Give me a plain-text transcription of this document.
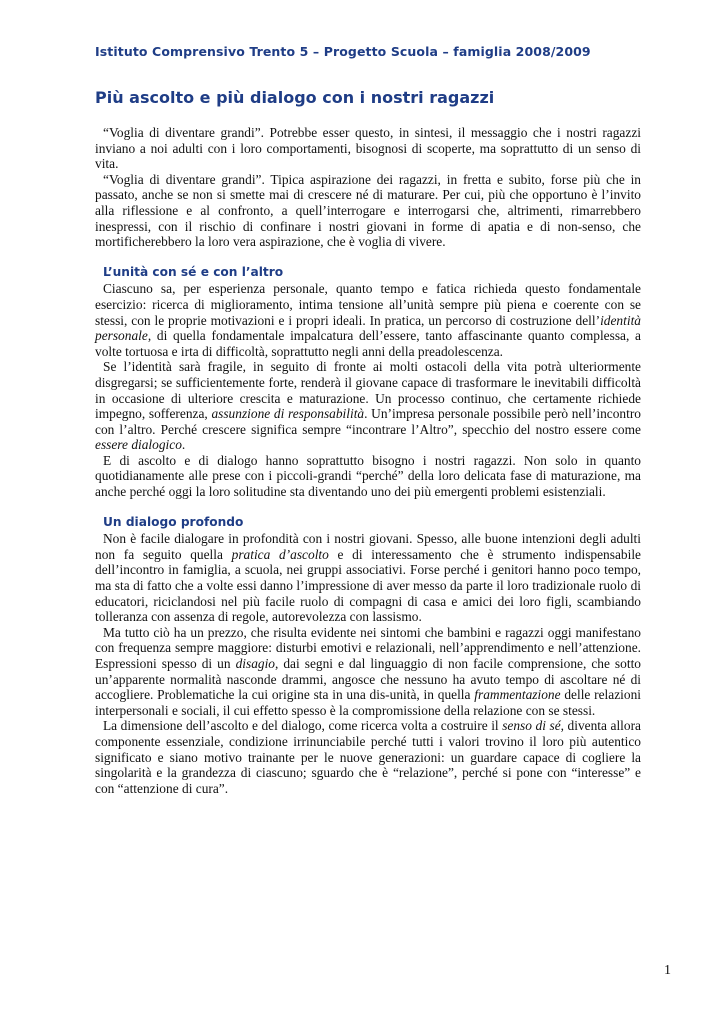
Istituto Comprensivo Trento 5 – Progetto Scuola – famiglia 2008/2009
Più ascolto e più dialogo con i nostri ragazzi

“Voglia di diventare grandi”. Potrebbe esser questo, in sintesi, il messaggio che i nostri ragazzi inviano a noi adulti con i loro comportamenti, bisognosi di scoperte, ma soprattutto di un senso di vita.

“Voglia di diventare grandi”. Tipica aspirazione dei ragazzi, in fretta e subito, forse più che in passato, anche se non si smette mai di crescere né di maturare. Per cui, più che opportuno è l’invito alla riflessione e al confronto, a quell’interrogare e interrogarsi che, altrimenti, rimarrebbero inespressi, con il rischio di confinare i nostri giovani in forme di apatia e di non-senso, che mortificherebbero la loro vera aspirazione, che è voglia di vivere.

L’unità con sé e con l’altro

Ciascuno sa, per esperienza personale, quanto tempo e fatica richieda questo fondamentale esercizio: ricerca di miglioramento, intima tensione all’unità sempre più piena e coerente con se stessi, con le proprie motivazioni e i propri ideali. In pratica, un percorso di costruzione dell’identità personale, di quella fondamentale impalcatura dell’essere, tanto affascinante quanto complessa, a volte tortuosa e irta di difficoltà, soprattutto negli anni della preadolescenza.

Se l’identità sarà fragile, in seguito di fronte ai molti ostacoli della vita potrà ulteriormente disgregarsi; se sufficientemente forte, renderà il giovane capace di trasformare le inevitabili difficoltà in occasione di ulteriore crescita e maturazione. Un processo continuo, che certamente richiede impegno, sofferenza, assunzione di responsabilità. Un’impresa personale possibile però nell’incontro con l’altro. Perché crescere significa sempre “incontrare l’Altro”, specchio del nostro essere come essere dialogico.

E di ascolto e di dialogo hanno soprattutto bisogno i nostri ragazzi. Non solo in quanto quotidianamente alle prese con i piccoli-grandi “perché” della loro delicata fase di maturazione, ma anche perché oggi la loro solitudine sta diventando uno dei più emergenti problemi esistenziali.

Un dialogo profondo

Non è facile dialogare in profondità con i nostri giovani. Spesso, alle buone intenzioni degli adulti non fa seguito quella pratica d’ascolto e di interessamento che è strumento indispensabile dell’incontro in famiglia, a scuola, nei gruppi associativi. Forse perché i genitori hanno poco tempo, ma sta di fatto che a volte essi danno l’impressione di aver messo da parte il loro tradizionale ruolo di educatori, riciclandosi nel più facile ruolo di compagni di casa e amici dei loro figli, scambiando tolleranza con assenza di regole, autorevolezza con lassismo.

Ma tutto ciò ha un prezzo, che risulta evidente nei sintomi che bambini e ragazzi oggi manifestano con frequenza sempre maggiore: disturbi emotivi e relazionali, nell’apprendimento e nell’attenzione. Espressioni spesso di un disagio, dai segni e dal linguaggio di non facile comprensione, che sotto un’apparente normalità nasconde drammi, angosce che nessuno ha avuto tempo di ascoltare né di accogliere. Problematiche la cui origine sta in una dis-unità, in quella frammentazione delle relazioni interpersonali e sociali, il cui effetto spesso è la compromissione della relazione con se stessi.

La dimensione dell’ascolto e del dialogo, come ricerca volta a costruire il senso di sé, diventa allora componente essenziale, condizione irrinunciabile perché tutti i valori trovino il loro più autentico significato e siano motivo trainante per le nuove generazioni: un guardare capace di cogliere la singolarità e la grandezza di ciascuno; sguardo che è “relazione”, perché si pone con “interesse” e con “attenzione di cura”.

1
